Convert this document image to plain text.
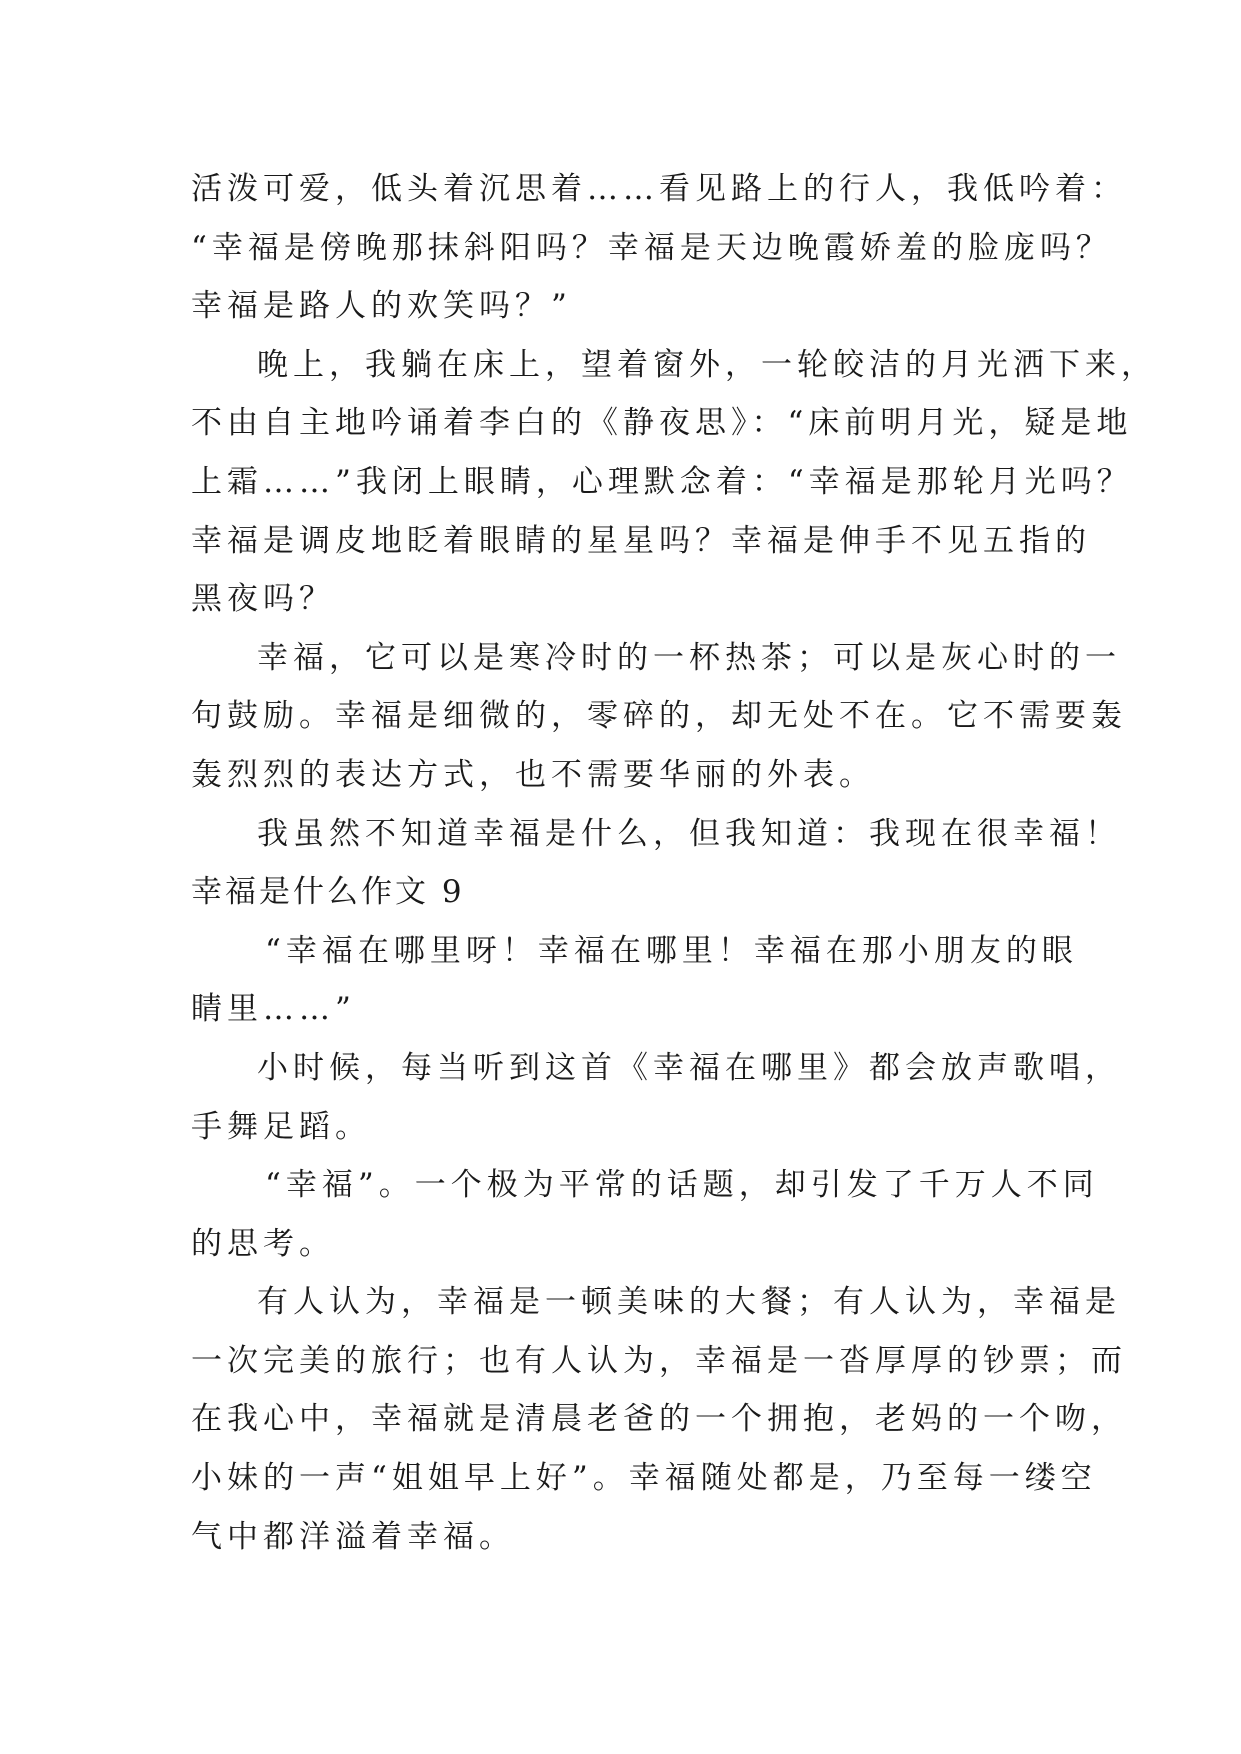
活泼可爱，低头着沉思着……看见路上的行人，我低吟着：
“幸福是傍晚那抹斜阳吗？幸福是天边晚霞娇羞的脸庞吗？
幸福是路人的欢笑吗？”
晚上，我躺在床上，望着窗外，一轮皎洁的月光洒下来，
不由自主地吟诵着李白的《静夜思》：“床前明月光，疑是地
上霜……”我闭上眼睛，心理默念着：“幸福是那轮月光吗？
幸福是调皮地眨着眼睛的星星吗？幸福是伸手不见五指的
黑夜吗？
幸福，它可以是寒冷时的一杯热茶；可以是灰心时的一
句鼓励。幸福是细微的，零碎的，却无处不在。它不需要轰
轰烈烈的表达方式，也不需要华丽的外表。
我虽然不知道幸福是什么，但我知道：我现在很幸福！
幸福是什么作文 9
“幸福在哪里呀！幸福在哪里！幸福在那小朋友的眼
睛里……”
小时候，每当听到这首《幸福在哪里》都会放声歌唱，
手舞足蹈。
“幸福”。一个极为平常的话题，却引发了千万人不同
的思考。
有人认为，幸福是一顿美味的大餐；有人认为，幸福是
一次完美的旅行；也有人认为，幸福是一沓厚厚的钞票；而
在我心中，幸福就是清晨老爸的一个拥抱，老妈的一个吻，
小妹的一声“姐姐早上好”。幸福随处都是，乃至每一缕空
气中都洋溢着幸福。
